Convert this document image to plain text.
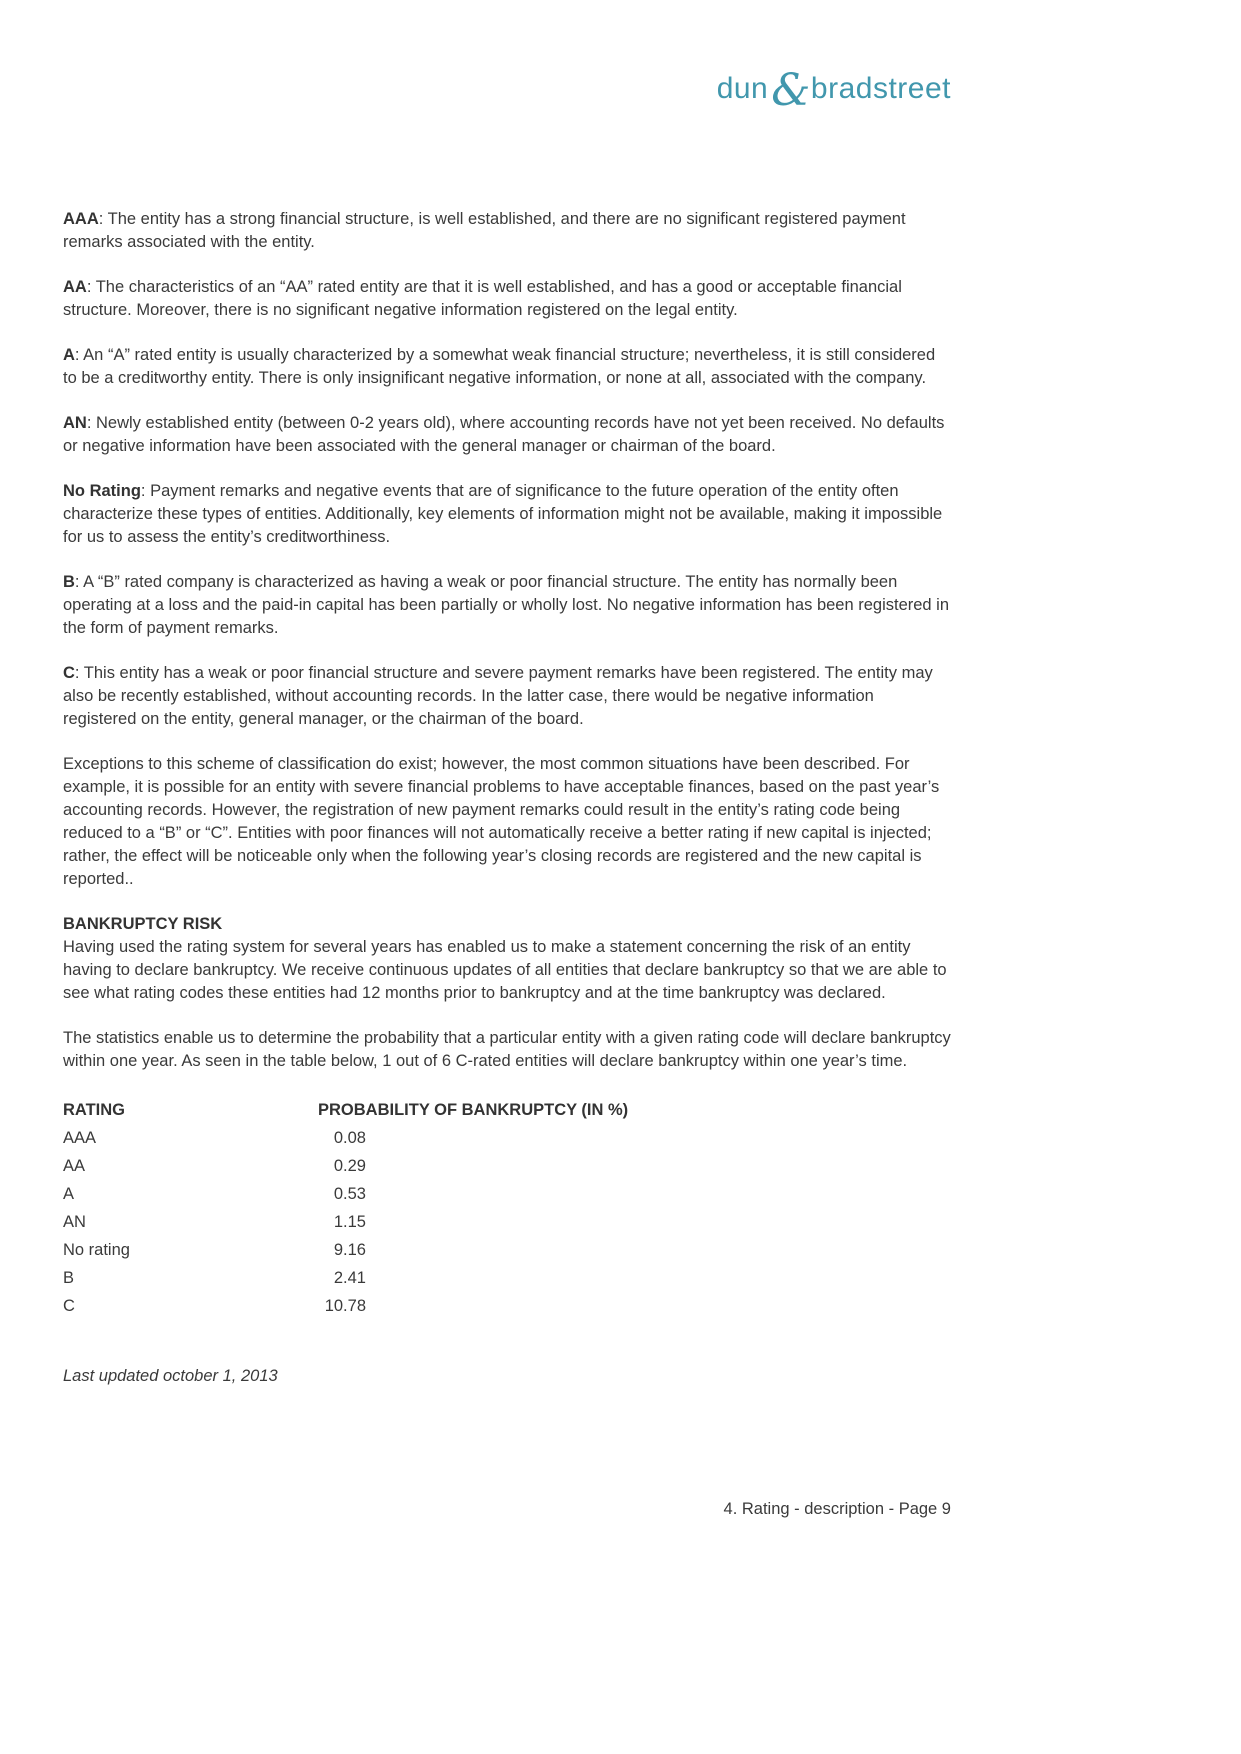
dun&bradstreet

AAA: The entity has a strong financial structure, is well established, and there are no significant registered payment remarks associated with the entity.

AA: The characteristics of an “AA” rated entity are that it is well established, and has a good or acceptable financial structure. Moreover, there is no significant negative information registered on the legal entity.

A: An “A” rated entity is usually characterized by a somewhat weak financial structure; nevertheless, it is still considered to be a creditworthy entity. There is only insignificant negative information, or none at all, associated with the company.

AN: Newly established entity (between 0-2 years old), where accounting records have not yet been received. No defaults or negative information have been associated with the general manager or chairman of the board.

No Rating: Payment remarks and negative events that are of significance to the future operation of the entity often characterize these types of entities. Additionally, key elements of information might not be available, making it impossible for us to assess the entity’s creditworthiness.

B: A “B” rated company is characterized as having a weak or poor financial structure. The entity has normally been operating at a loss and the paid-in capital has been partially or wholly lost. No negative information has been registered in the form of payment remarks.

C: This entity has a weak or poor financial structure and severe payment remarks have been registered. The entity may also be recently established, without accounting records. In the latter case, there would be negative information registered on the entity, general manager, or the chairman of the board.

Exceptions to this scheme of classification do exist; however, the most common situations have been described. For example, it is possible for an entity with severe financial problems to have acceptable finances, based on the past year’s accounting records. However, the registration of new payment remarks could result in the entity’s rating code being reduced to a “B” or “C”. Entities with poor finances will not automatically receive a better rating if new capital is injected; rather, the effect will be noticeable only when the following year’s closing records are registered and the new capital is reported..

BANKRUPTCY RISK

Having used the rating system for several years has enabled us to make a statement concerning the risk of an entity having to declare bankruptcy. We receive continuous updates of all entities that declare bankruptcy so that we are able to see what rating codes these entities had 12 months prior to bankruptcy and at the time bankruptcy was declared.

The statistics enable us to determine the probability that a particular entity with a given rating code will declare bankruptcy within one year. As seen in the table below, 1 out of 6 C-rated entities will declare bankruptcy within one year’s time.

RATING	PROBABILITY OF BANKRUPTCY (IN %)
AAA	0.08
AA	0.29
A	0.53
AN	1.15
No rating	9.16
B	2.41
C	10.78
Last updated october 1, 2013
4. Rating - description - Page 9
